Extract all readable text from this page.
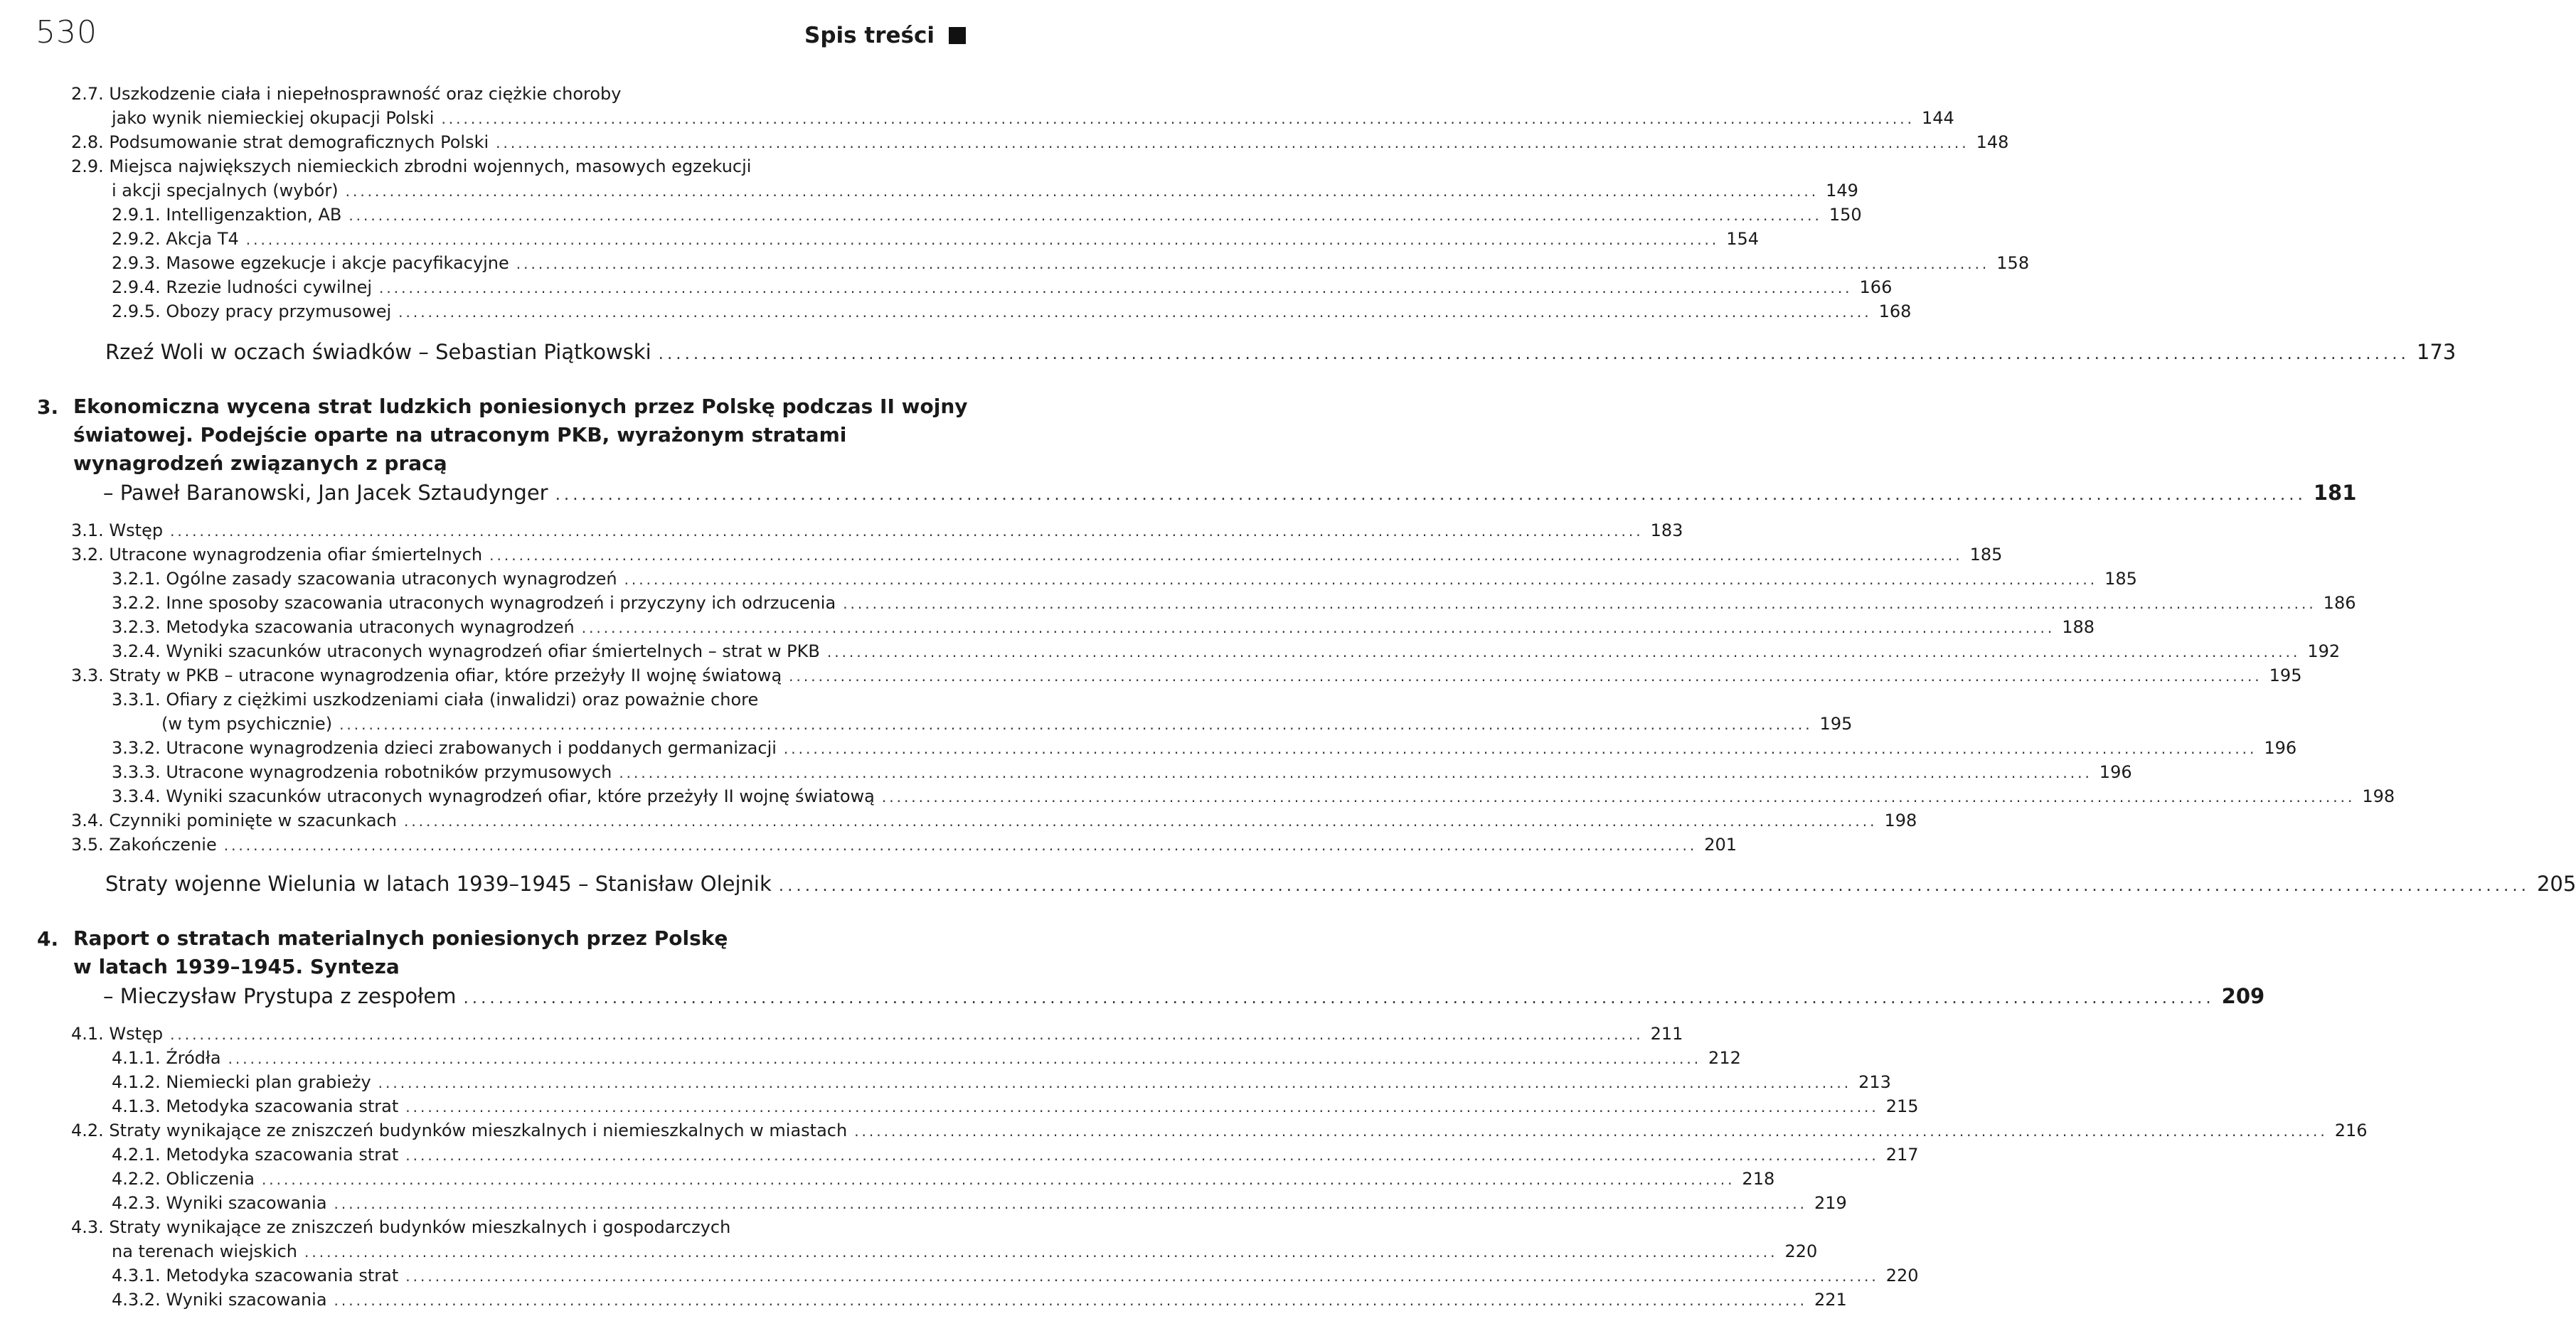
530	Spis treści
2.7. Uszkodzenie ciała i niepełnosprawność oraz ciężkie choroby
jako wynik niemieckiej okupacji Polski ........................................................................................................................................................................................................ 144
2.8. Podsumowanie strat demograficznych Polski ........................................................................................................................................................................................................ 148
2.9. Miejsca największych niemieckich zbrodni wojennych, masowych egzekucji
i akcji specjalnych (wybór) ........................................................................................................................................................................................................ 149
2.9.1. Intelligenzaktion, AB ........................................................................................................................................................................................................ 150
2.9.2. Akcja T4 ........................................................................................................................................................................................................ 154
2.9.3. Masowe egzekucje i akcje pacyfikacyjne ........................................................................................................................................................................................................ 158
2.9.4. Rzezie ludności cywilnej ........................................................................................................................................................................................................ 166
2.9.5. Obozy pracy przymusowej ........................................................................................................................................................................................................ 168
Rzeź Woli w oczach świadków – Sebastian Piątkowski ........................................................................................................................................................................................................ 173
3. Ekonomiczna wycena strat ludzkich poniesionych przez Polskę podczas II wojny
światowej. Podejście oparte na utraconym PKB, wyrażonym stratami
wynagrodzeń związanych z pracą
– Paweł Baranowski, Jan Jacek Sztaudynger ........................................................................................................................................................................................................ 181
3.1. Wstęp ........................................................................................................................................................................................................ 183
3.2. Utracone wynagrodzenia ofiar śmiertelnych ........................................................................................................................................................................................................ 185
3.2.1. Ogólne zasady szacowania utraconych wynagrodzeń ........................................................................................................................................................................................................ 185
3.2.2. Inne sposoby szacowania utraconych wynagrodzeń i przyczyny ich odrzucenia ........................................................................................................................................................................................................ 186
3.2.3. Metodyka szacowania utraconych wynagrodzeń ........................................................................................................................................................................................................ 188
3.2.4. Wyniki szacunków utraconych wynagrodzeń ofiar śmiertelnych – strat w PKB ........................................................................................................................................................................................................ 192
3.3. Straty w PKB – utracone wynagrodzenia ofiar, które przeżyły II wojnę światową ........................................................................................................................................................................................................ 195
3.3.1. Ofiary z ciężkimi uszkodzeniami ciała (inwalidzi) oraz poważnie chore
(w tym psychicznie) ........................................................................................................................................................................................................ 195
3.3.2. Utracone wynagrodzenia dzieci zrabowanych i poddanych germanizacji ........................................................................................................................................................................................................ 196
3.3.3. Utracone wynagrodzenia robotników przymusowych ........................................................................................................................................................................................................ 196
3.3.4. Wyniki szacunków utraconych wynagrodzeń ofiar, które przeżyły II wojnę światową ........................................................................................................................................................................................................ 198
3.4. Czynniki pominięte w szacunkach ........................................................................................................................................................................................................ 198
3.5. Zakończenie ........................................................................................................................................................................................................ 201
Straty wojenne Wielunia w latach 1939–1945 – Stanisław Olejnik ........................................................................................................................................................................................................ 205
4. Raport o stratach materialnych poniesionych przez Polskę
w latach 1939–1945. Synteza
– Mieczysław Prystupa z zespołem ........................................................................................................................................................................................................ 209
4.1. Wstęp ........................................................................................................................................................................................................ 211
4.1.1. Źródła ........................................................................................................................................................................................................ 212
4.1.2. Niemiecki plan grabieży ........................................................................................................................................................................................................ 213
4.1.3. Metodyka szacowania strat ........................................................................................................................................................................................................ 215
4.2. Straty wynikające ze zniszczeń budynków mieszkalnych i niemieszkalnych w miastach ........................................................................................................................................................................................................ 216
4.2.1. Metodyka szacowania strat ........................................................................................................................................................................................................ 217
4.2.2. Obliczenia ........................................................................................................................................................................................................ 218
4.2.3. Wyniki szacowania ........................................................................................................................................................................................................ 219
4.3. Straty wynikające ze zniszczeń budynków mieszkalnych i gospodarczych
na terenach wiejskich ........................................................................................................................................................................................................ 220
4.3.1. Metodyka szacowania strat ........................................................................................................................................................................................................ 220
4.3.2. Wyniki szacowania ........................................................................................................................................................................................................ 221
